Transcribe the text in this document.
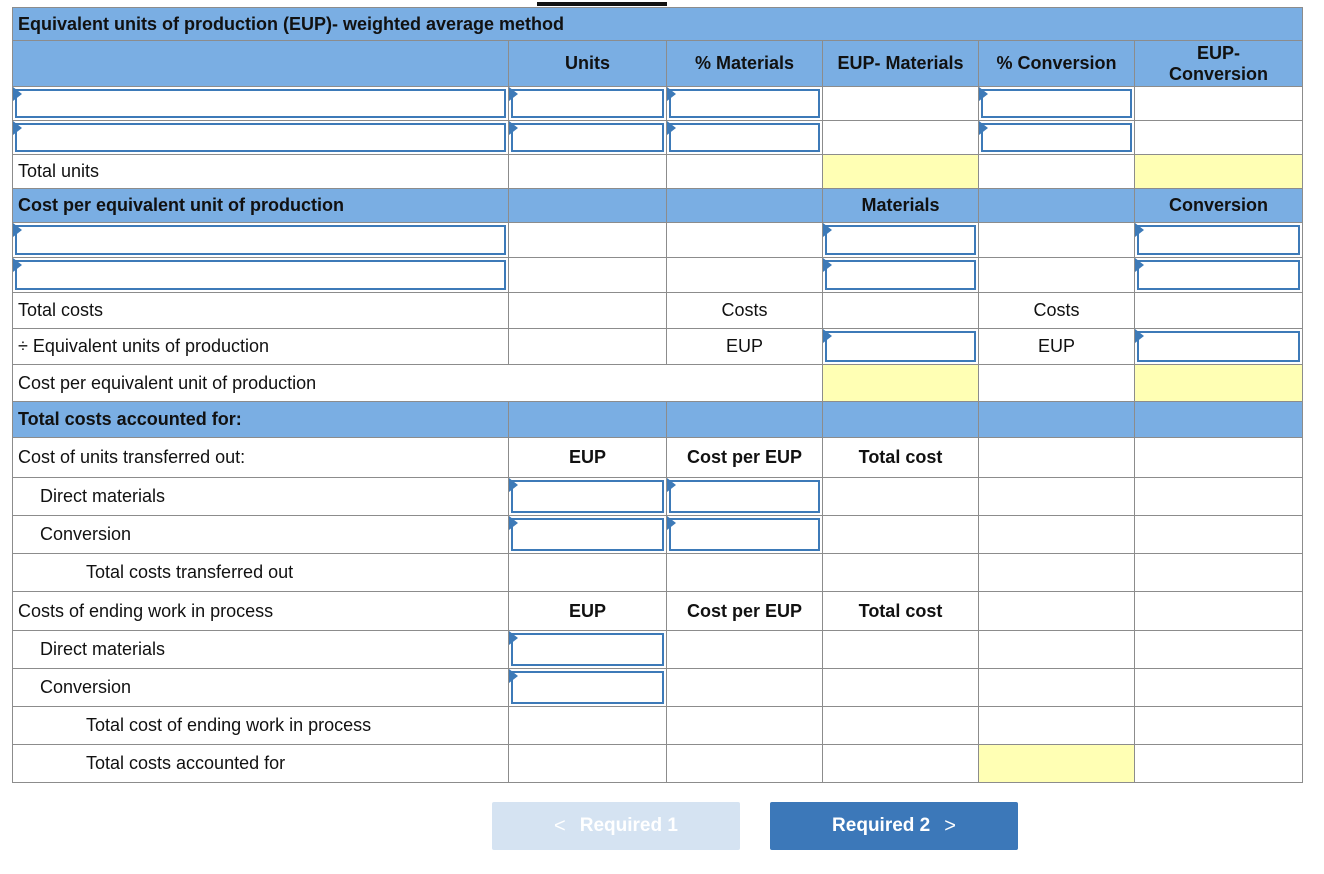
Equivalent units of production (EUP)- weighted average method					
	Units	% Materials	EUP- Materials	% Conversion	EUP-
Conversion

Total units					
Cost per equivalent unit of production			Materials		Conversion

Total costs		Costs		Costs	
÷ Equivalent units of production		EUP		EUP	
Cost per equivalent unit of production					
Total costs accounted for:					
Cost of units transferred out:	EUP	Cost per EUP	Total cost		
Direct materials					
Conversion					
Total costs transferred out					
Costs of ending work in process	EUP	Cost per EUP	Total cost		
Direct materials					
Conversion					
Total cost of ending work in process					
Total costs accounted for					
< Required 1	Required 2 >
